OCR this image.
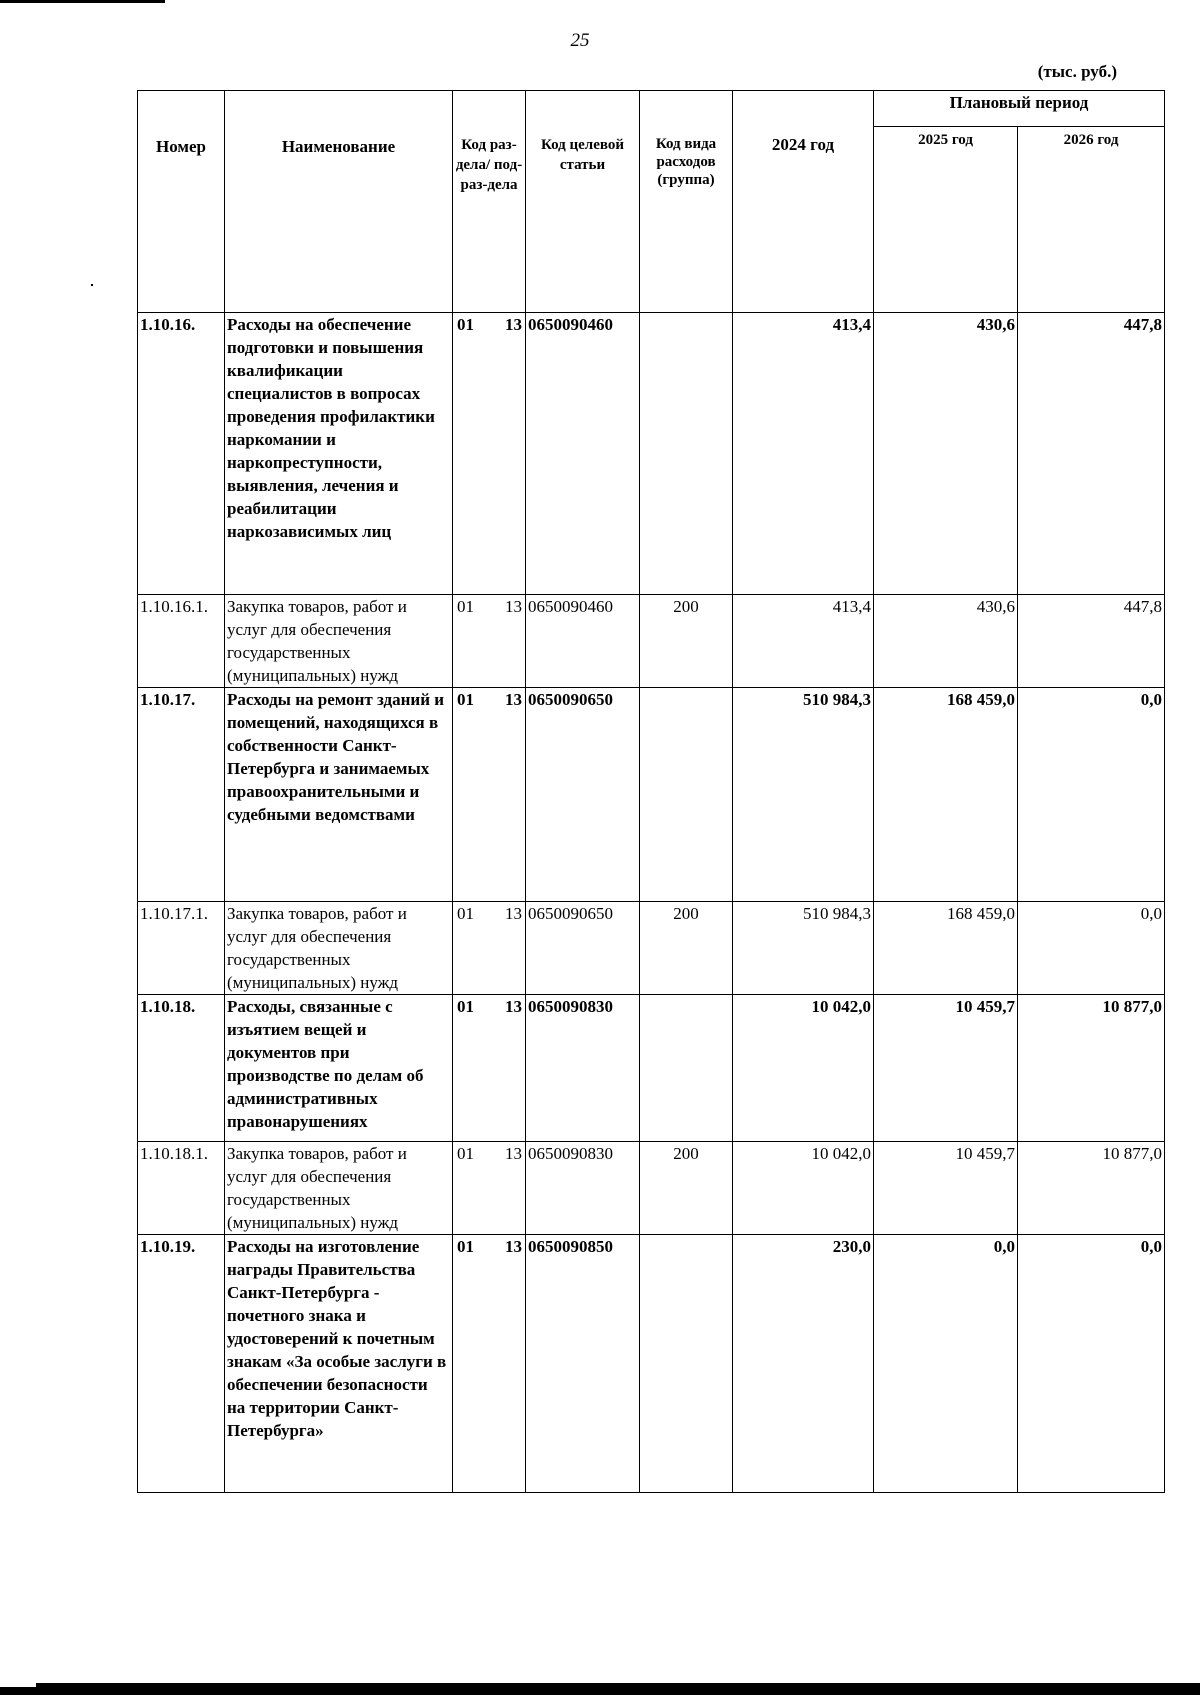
25
(тыс. руб.)
Номер	Наименование	Код раз-дела/ под-раз-дела	Код целевой статьи	Код вида расходов (группа)	2024 год	Плановый период	
						2025 год	2026 год
1.10.16.	Расходы на обеспечение подготовки и повышения квалификации специалистов в вопросах проведения профилактики наркомании и наркопреступности, выявления, лечения и реабилитации наркозависимых лиц	01 13	0650090460		413,4	430,6	447,8
1.10.16.1.	Закупка товаров, работ и услуг для обеспечения государственных (муниципальных) нужд	01 13	0650090460	200	413,4	430,6	447,8
1.10.17.	Расходы на ремонт зданий и помещений, находящихся в собственности Санкт-Петербурга и занимаемых правоохранительными и судебными ведомствами	01 13	0650090650		510 984,3	168 459,0	0,0
1.10.17.1.	Закупка товаров, работ и услуг для обеспечения государственных (муниципальных) нужд	01 13	0650090650	200	510 984,3	168 459,0	0,0
1.10.18.	Расходы, связанные с изъятием вещей и документов при производстве по делам об административных правонарушениях	01 13	0650090830		10 042,0	10 459,7	10 877,0
1.10.18.1.	Закупка товаров, работ и услуг для обеспечения государственных (муниципальных) нужд	01 13	0650090830	200	10 042,0	10 459,7	10 877,0
1.10.19.	Расходы на изготовление награды Правительства Санкт-Петербурга - почетного знака и удостоверений к почетным знакам «За особые заслуги в обеспечении безопасности на территории Санкт-Петербурга»	01 13	0650090850		230,0	0,0	0,0
